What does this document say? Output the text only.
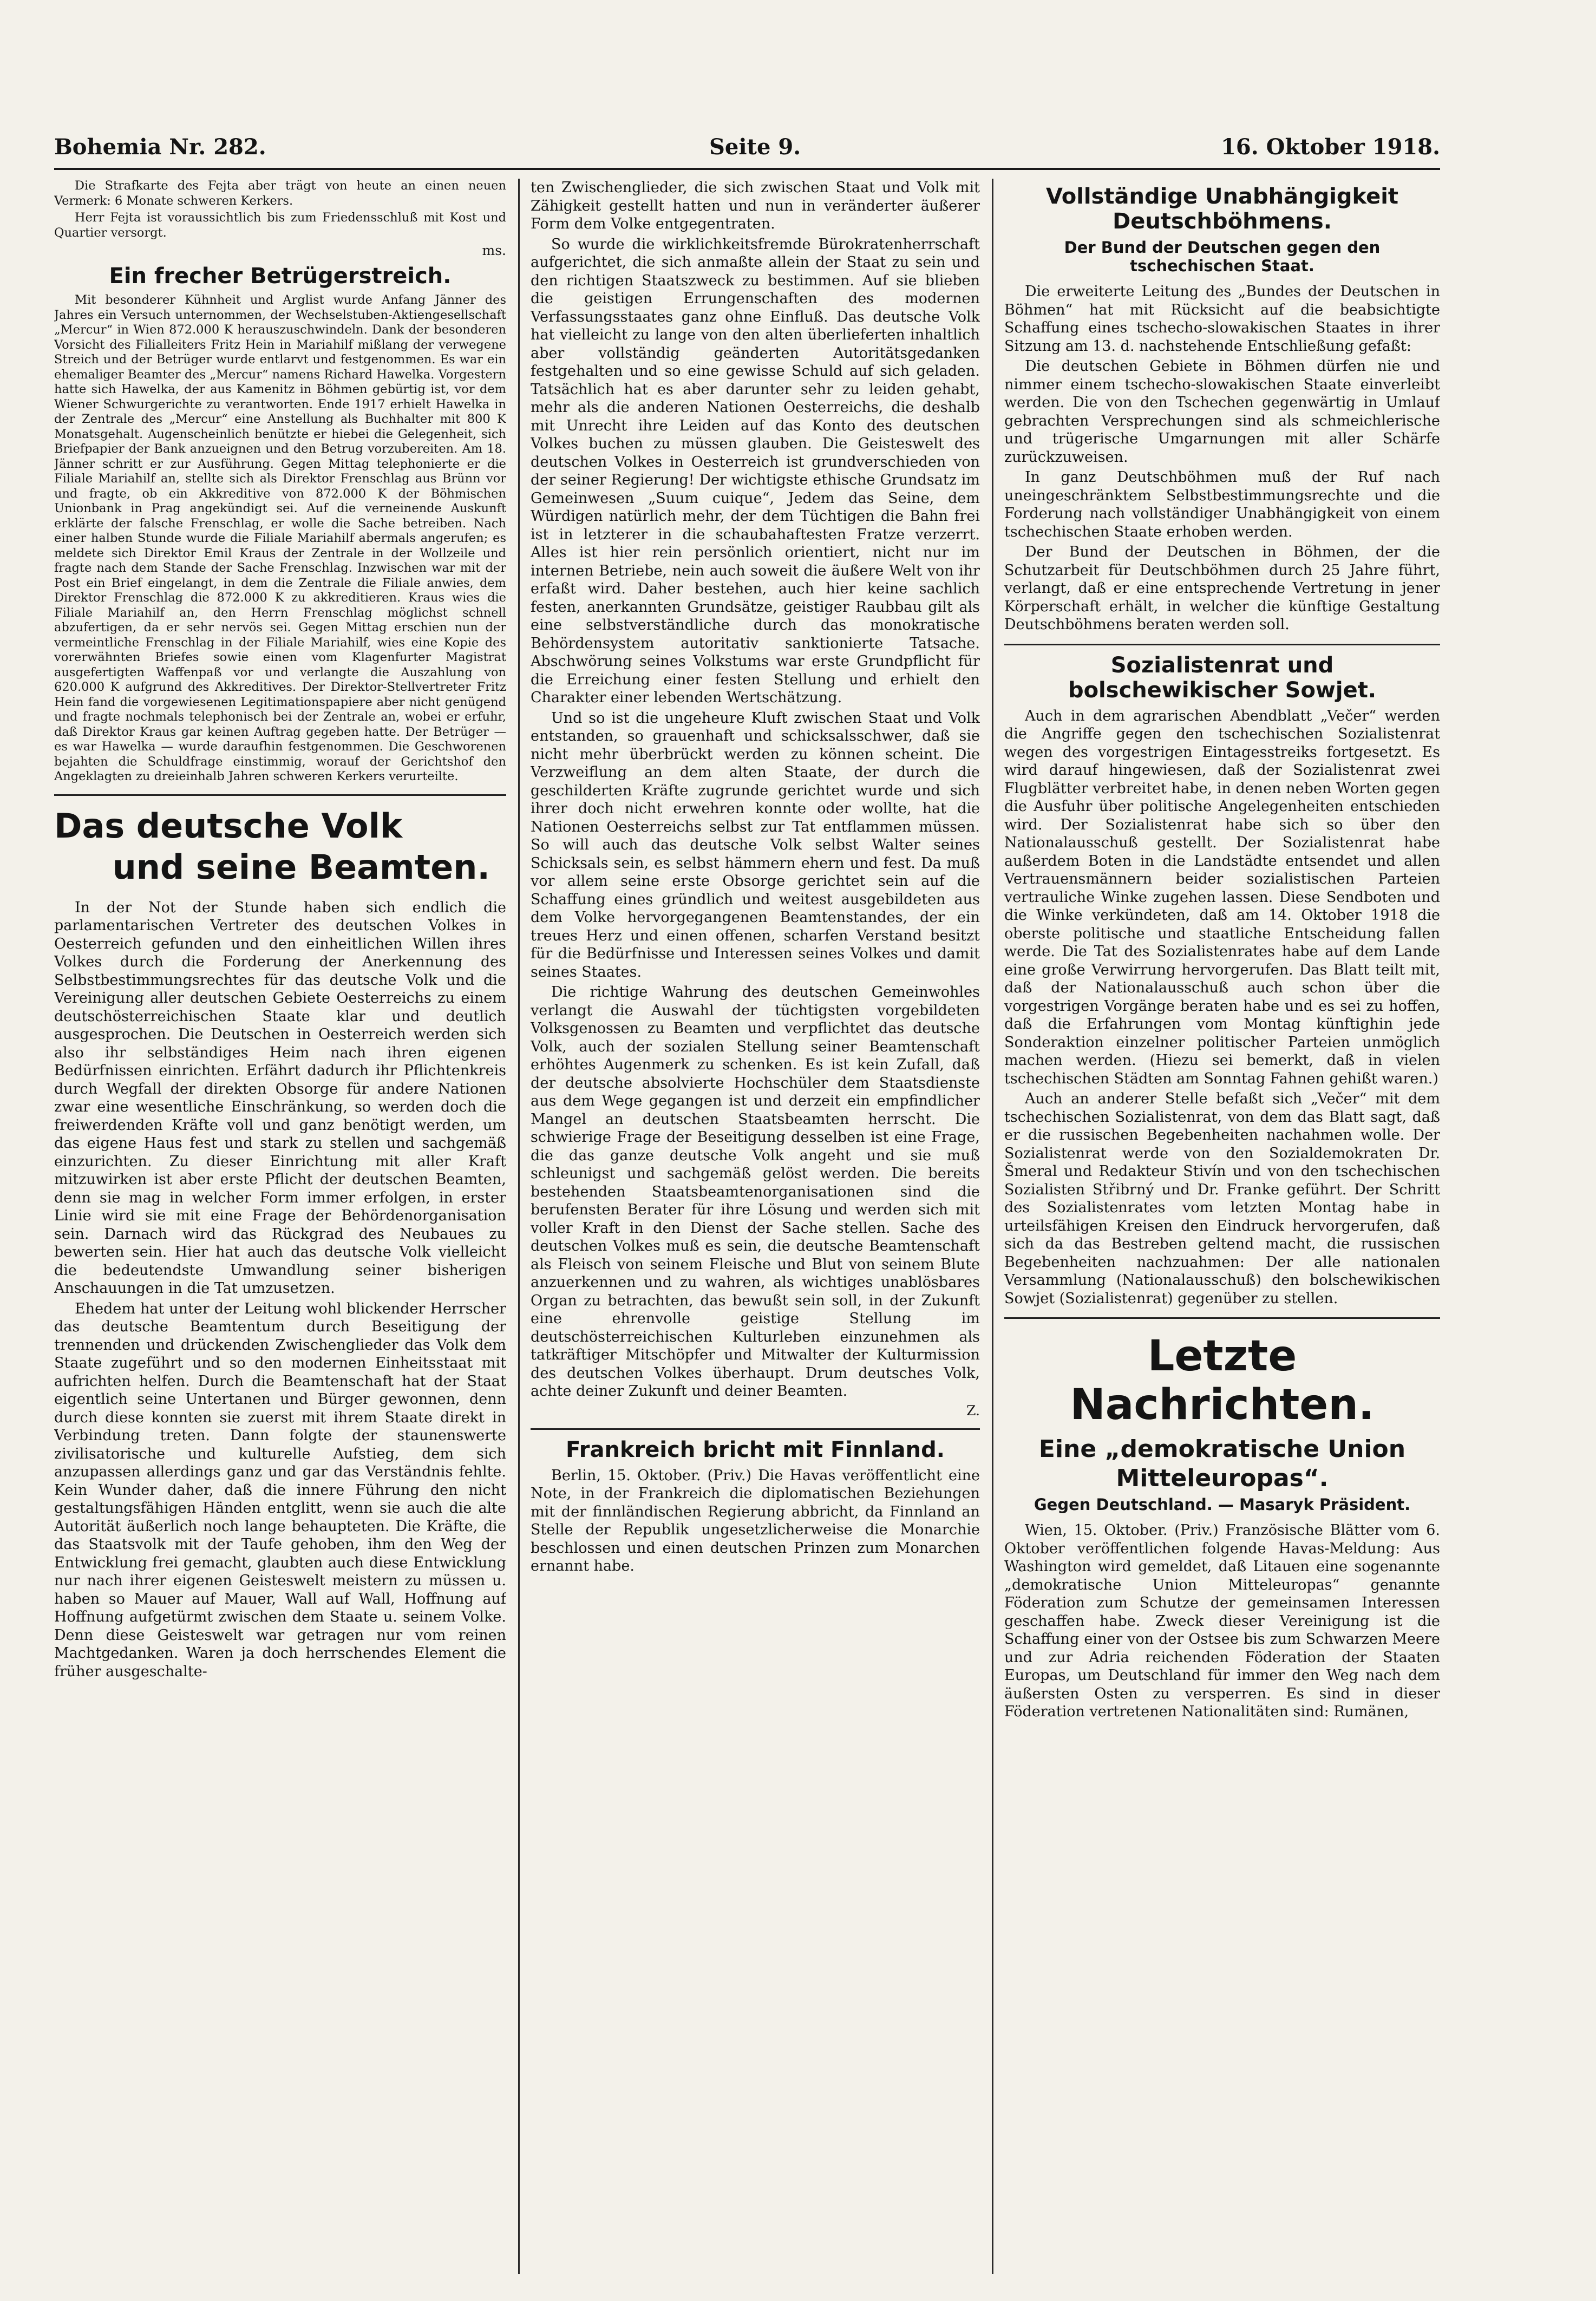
Bohemia Nr. 282.	Seite 9.	16. Oktober 1918.

Die Strafkarte des Fejta aber trägt von heute an einen neuen Vermerk: 6 Monate schweren Kerkers.

Herr Fejta ist voraussichtlich bis zum Friedensschluß mit Kost und Quartier versorgt.

ms.
Ein frecher Betrügerstreich.

Mit besonderer Kühnheit und Arglist wurde Anfang Jänner des Jahres ein Versuch unternommen, der Wechselstuben-Aktiengesellschaft „Mercur“ in Wien 872.000 K herauszuschwindeln. Dank der besonderen Vorsicht des Filialleiters Fritz Hein in Mariahilf mißlang der verwegene Streich und der Betrüger wurde entlarvt und festgenommen. Es war ein ehemaliger Beamter des „Mercur“ namens Richard Hawelka. Vorgestern hatte sich Hawelka, der aus Kamenitz in Böhmen gebürtig ist, vor dem Wiener Schwurgerichte zu verantworten. Ende 1917 erhielt Hawelka in der Zentrale des „Mercur“ eine Anstellung als Buchhalter mit 800 K Monatsgehalt. Augenscheinlich benützte er hiebei die Gelegenheit, sich Briefpapier der Bank anzueignen und den Betrug vorzubereiten. Am 18. Jänner schritt er zur Ausführung. Gegen Mittag telephonierte er die Filiale Mariahilf an, stellte sich als Direktor Frenschlag aus Brünn vor und fragte, ob ein Akkreditive von 872.000 K der Böhmischen Unionbank in Prag angekündigt sei. Auf die verneinende Auskunft erklärte der falsche Frenschlag, er wolle die Sache betreiben. Nach einer halben Stunde wurde die Filiale Mariahilf abermals angerufen; es meldete sich Direktor Emil Kraus der Zentrale in der Wollzeile und fragte nach dem Stande der Sache Frenschlag. Inzwischen war mit der Post ein Brief eingelangt, in dem die Zentrale die Filiale anwies, dem Direktor Frenschlag die 872.000 K zu akkreditieren. Kraus wies die Filiale Mariahilf an, den Herrn Frenschlag möglichst schnell abzufertigen, da er sehr nervös sei. Gegen Mittag erschien nun der vermeintliche Frenschlag in der Filiale Mariahilf, wies eine Kopie des vorerwähnten Briefes sowie einen vom Klagenfurter Magistrat ausgefertigten Waffenpaß vor und verlangte die Auszahlung von 620.000 K aufgrund des Akkreditives. Der Direktor-Stellvertreter Fritz Hein fand die vorgewiesenen Legitimationspapiere aber nicht genügend und fragte nochmals telephonisch bei der Zentrale an, wobei er erfuhr, daß Direktor Kraus gar keinen Auftrag gegeben hatte. Der Betrüger — es war Hawelka — wurde daraufhin festgenommen. Die Geschworenen bejahten die Schuldfrage einstimmig, worauf der Gerichtshof den Angeklagten zu dreieinhalb Jahren schweren Kerkers verurteilte.

Das deutsche Volk
und seine Beamten.

In der Not der Stunde haben sich endlich die parlamentarischen Vertreter des deutschen Volkes in Oesterreich gefunden und den einheitlichen Willen ihres Volkes durch die Forderung der Anerkennung des Selbstbestimmungsrechtes für das deutsche Volk und die Vereinigung aller deutschen Gebiete Oesterreichs zu einem deutschösterreichischen Staate klar und deutlich ausgesprochen. Die Deutschen in Oesterreich werden sich also ihr selbständiges Heim nach ihren eigenen Bedürfnissen einrichten. Erfährt dadurch ihr Pflichtenkreis durch Wegfall der direkten Obsorge für andere Nationen zwar eine wesentliche Einschränkung, so werden doch die freiwerdenden Kräfte voll und ganz benötigt werden, um das eigene Haus fest und stark zu stellen und sachgemäß einzurichten. Zu dieser Einrichtung mit aller Kraft mitzuwirken ist aber erste Pflicht der deutschen Beamten, denn sie mag in welcher Form immer erfolgen, in erster Linie wird sie mit eine Frage der Behördenorganisation sein. Darnach wird das Rückgrad des Neubaues zu bewerten sein. Hier hat auch das deutsche Volk vielleicht die bedeutendste Umwandlung seiner bisherigen Anschauungen in die Tat umzusetzen.

Ehedem hat unter der Leitung wohl blickender Herrscher das deutsche Beamtentum durch Beseitigung der trennenden und drückenden Zwischenglieder das Volk dem Staate zugeführt und so den modernen Einheitsstaat mit aufrichten helfen. Durch die Beamtenschaft hat der Staat eigentlich seine Untertanen und Bürger gewonnen, denn durch diese konnten sie zuerst mit ihrem Staate direkt in Verbindung treten. Dann folgte der staunenswerte zivilisatorische und kulturelle Aufstieg, dem sich anzupassen allerdings ganz und gar das Verständnis fehlte. Kein Wunder daher, daß die innere Führung den nicht gestaltungsfähigen Händen entglitt, wenn sie auch die alte Autorität äußerlich noch lange behaupteten. Die Kräfte, die das Staatsvolk mit der Taufe gehoben, ihm den Weg der Entwicklung frei gemacht, glaubten auch diese Entwicklung nur nach ihrer eigenen Geisteswelt meistern zu müssen u. haben so Mauer auf Mauer, Wall auf Wall, Hoffnung auf Hoffnung aufgetürmt zwischen dem Staate u. seinem Volke. Denn diese Geisteswelt war getragen nur vom reinen Machtgedanken. Waren ja doch herrschendes Element die früher ausgeschalte-

ten Zwischenglieder, die sich zwischen Staat und Volk mit Zähigkeit gestellt hatten und nun in veränderter äußerer Form dem Volke entgegentraten.

So wurde die wirklichkeitsfremde Bürokratenherrschaft aufgerichtet, die sich anmaßte allein der Staat zu sein und den richtigen Staatszweck zu bestimmen. Auf sie blieben die geistigen Errungenschaften des modernen Verfassungsstaates ganz ohne Einfluß. Das deutsche Volk hat vielleicht zu lange von den alten überlieferten inhaltlich aber vollständig geänderten Autoritätsgedanken festgehalten und so eine gewisse Schuld auf sich geladen. Tatsächlich hat es aber darunter sehr zu leiden gehabt, mehr als die anderen Nationen Oesterreichs, die deshalb mit Unrecht ihre Leiden auf das Konto des deutschen Volkes buchen zu müssen glauben. Die Geisteswelt des deutschen Volkes in Oesterreich ist grundverschieden von der seiner Regierung! Der wichtigste ethische Grundsatz im Gemeinwesen „Suum cuique“, Jedem das Seine, dem Würdigen natürlich mehr, der dem Tüchtigen die Bahn frei ist in letzterer in die schaubahaftesten Fratze verzerrt. Alles ist hier rein persönlich orientiert, nicht nur im internen Betriebe, nein auch soweit die äußere Welt von ihr erfaßt wird. Daher bestehen, auch hier keine sachlich festen, anerkannten Grundsätze, geistiger Raubbau gilt als eine selbstverständliche durch das monokratische Behördensystem autoritativ sanktionierte Tatsache. Abschwörung seines Volkstums war erste Grundpflicht für die Erreichung einer festen Stellung und erhielt den Charakter einer lebenden Wertschätzung.

Und so ist die ungeheure Kluft zwischen Staat und Volk entstanden, so grauenhaft und schicksalsschwer, daß sie nicht mehr überbrückt werden zu können scheint. Die Verzweiflung an dem alten Staate, der durch die geschilderten Kräfte zugrunde gerichtet wurde und sich ihrer doch nicht erwehren konnte oder wollte, hat die Nationen Oesterreichs selbst zur Tat entflammen müssen. So will auch das deutsche Volk selbst Walter seines Schicksals sein, es selbst hämmern ehern und fest. Da muß vor allem seine erste Obsorge gerichtet sein auf die Schaffung eines gründlich und weitest ausgebildeten aus dem Volke hervorgegangenen Beamtenstandes, der ein treues Herz und einen offenen, scharfen Verstand besitzt für die Bedürfnisse und Interessen seines Volkes und damit seines Staates.

Die richtige Wahrung des deutschen Gemeinwohles verlangt die Auswahl der tüchtigsten vorgebildeten Volksgenossen zu Beamten und verpflichtet das deutsche Volk, auch der sozialen Stellung seiner Beamtenschaft erhöhtes Augenmerk zu schenken. Es ist kein Zufall, daß der deutsche absolvierte Hochschüler dem Staatsdienste aus dem Wege gegangen ist und derzeit ein empfindlicher Mangel an deutschen Staatsbeamten herrscht. Die schwierige Frage der Beseitigung desselben ist eine Frage, die das ganze deutsche Volk angeht und sie muß schleunigst und sachgemäß gelöst werden. Die bereits bestehenden Staatsbeamtenorganisationen sind die berufensten Berater für ihre Lösung und werden sich mit voller Kraft in den Dienst der Sache stellen. Sache des deutschen Volkes muß es sein, die deutsche Beamtenschaft als Fleisch von seinem Fleische und Blut von seinem Blute anzuerkennen und zu wahren, als wichtiges unablösbares Organ zu betrachten, das bewußt sein soll, in der Zukunft eine ehrenvolle geistige Stellung im deutschösterreichischen Kulturleben einzunehmen als tatkräftiger Mitschöpfer und Mitwalter der Kulturmission des deutschen Volkes überhaupt. Drum deutsches Volk, achte deiner Zukunft und deiner Beamten.

Z.
Frankreich bricht mit Finnland.

Berlin, 15. Oktober. (Priv.) Die Havas veröffentlicht eine Note, in der Frankreich die diplomatischen Beziehungen mit der finnländischen Regierung abbricht, da Finnland an Stelle der Republik ungesetzlicherweise die Monarchie beschlossen und einen deutschen Prinzen zum Monarchen ernannt habe.

Vollständige Unabhängigkeit Deutschböhmens.
Der Bund der Deutschen gegen den tschechischen Staat.

Die erweiterte Leitung des „Bundes der Deutschen in Böhmen“ hat mit Rücksicht auf die beabsichtigte Schaffung eines tschecho-slowakischen Staates in ihrer Sitzung am 13. d. nachstehende Entschließung gefaßt:

Die deutschen Gebiete in Böhmen dürfen nie und nimmer einem tschecho-slowakischen Staate einverleibt werden. Die von den Tschechen gegenwärtig in Umlauf gebrachten Versprechungen sind als schmeichlerische und trügerische Umgarnungen mit aller Schärfe zurückzuweisen.

In ganz Deutschböhmen muß der Ruf nach uneingeschränktem Selbstbestimmungsrechte und die Forderung nach vollständiger Unabhängigkeit von einem tschechischen Staate erhoben werden.

Der Bund der Deutschen in Böhmen, der die Schutzarbeit für Deutschböhmen durch 25 Jahre führt, verlangt, daß er eine entsprechende Vertretung in jener Körperschaft erhält, in welcher die künftige Gestaltung Deutschböhmens beraten werden soll.

Sozialistenrat und bolschewikischer Sowjet.

Auch in dem agrarischen Abendblatt „Večer“ werden die Angriffe gegen den tschechischen Sozialistenrat wegen des vorgestrigen Eintagesstreiks fortgesetzt. Es wird darauf hingewiesen, daß der Sozialistenrat zwei Flugblätter verbreitet habe, in denen neben Worten gegen die Ausfuhr über politische Angelegenheiten entschieden wird. Der Sozialistenrat habe sich so über den Nationalausschuß gestellt. Der Sozialistenrat habe außerdem Boten in die Landstädte entsendet und allen Vertrauensmännern beider sozialistischen Parteien vertrauliche Winke zugehen lassen. Diese Sendboten und die Winke verkündeten, daß am 14. Oktober 1918 die oberste politische und staatliche Entscheidung fallen werde. Die Tat des Sozialistenrates habe auf dem Lande eine große Verwirrung hervorgerufen. Das Blatt teilt mit, daß der Nationalausschuß auch schon über die vorgestrigen Vorgänge beraten habe und es sei zu hoffen, daß die Erfahrungen vom Montag künftighin jede Sonderaktion einzelner politischer Parteien unmöglich machen werden. (Hiezu sei bemerkt, daß in vielen tschechischen Städten am Sonntag Fahnen gehißt waren.)

Auch an anderer Stelle befaßt sich „Večer“ mit dem tschechischen Sozialistenrat, von dem das Blatt sagt, daß er die russischen Begebenheiten nachahmen wolle. Der Sozialistenrat werde von den Sozialdemokraten Dr. Šmeral und Redakteur Stivín und von den tschechischen Sozialisten Střibrný und Dr. Franke geführt. Der Schritt des Sozialistenrates vom letzten Montag habe in urteilsfähigen Kreisen den Eindruck hervorgerufen, daß sich da das Bestreben geltend macht, die russischen Begebenheiten nachzuahmen: Der alle nationalen Versammlung (Nationalausschuß) den bolschewikischen Sowjet (Sozialistenrat) gegenüber zu stellen.

Letzte Nachrichten.
Eine „demokratische Union Mitteleuropas“.
Gegen Deutschland. — Masaryk Präsident.

Wien, 15. Oktober. (Priv.) Französische Blätter vom 6. Oktober veröffentlichen folgende Havas-Meldung: Aus Washington wird gemeldet, daß Litauen eine sogenannte „demokratische Union Mitteleuropas“ genannte Föderation zum Schutze der gemeinsamen Interessen geschaffen habe. Zweck dieser Vereinigung ist die Schaffung einer von der Ostsee bis zum Schwarzen Meere und zur Adria reichenden Föderation der Staaten Europas, um Deutschland für immer den Weg nach dem äußersten Osten zu versperren. Es sind in dieser Föderation vertretenen Nationalitäten sind: Rumänen,
